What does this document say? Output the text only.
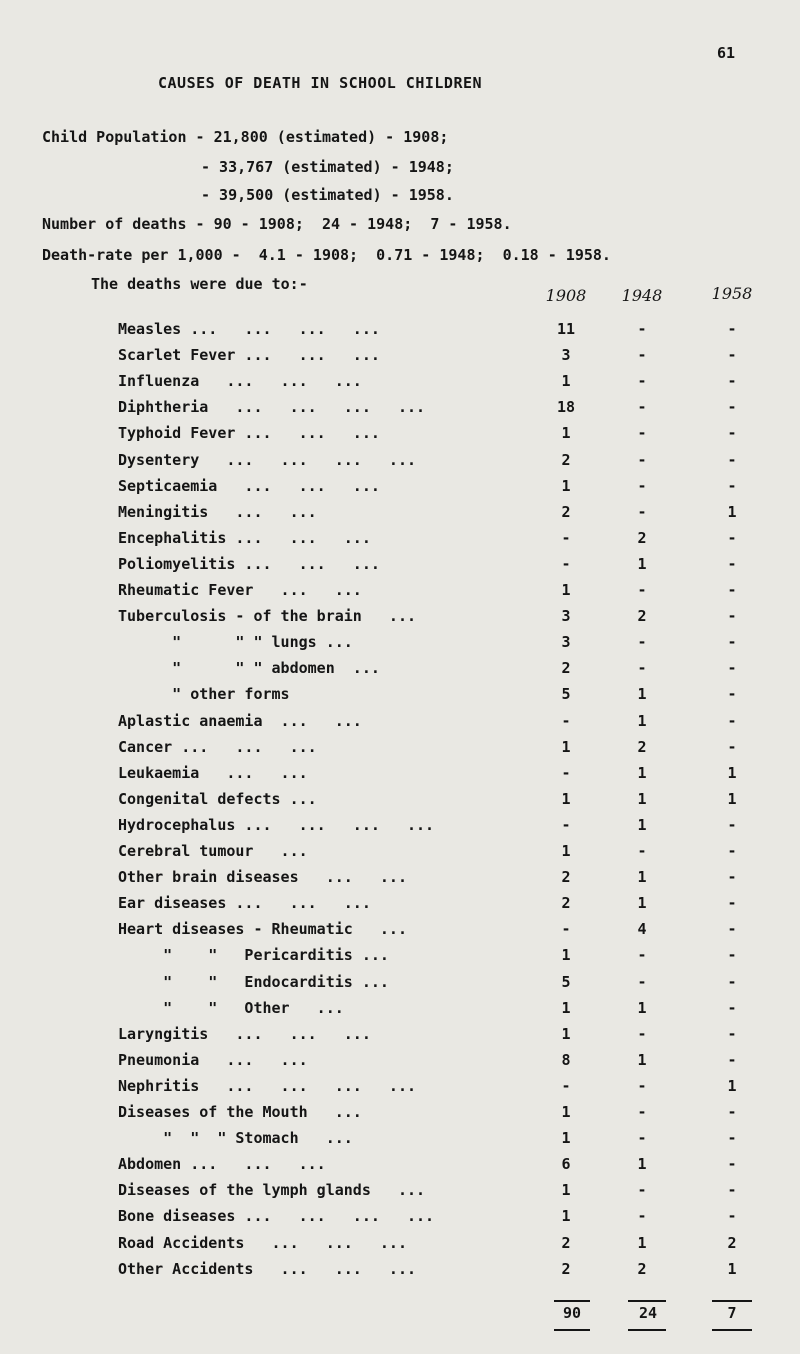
61
CAUSES OF DEATH IN SCHOOL CHILDREN
Child Population - 21,800 (estimated) - 1908;
- 33,767 (estimated) - 1948;
- 39,500 (estimated) - 1958.
Number of deaths - 90 - 1908;  24 - 1948;  7 - 1958.
Death-rate per 1,000 -  4.1 - 1908;  0.71 - 1948;  0.18 - 1958.
The deaths were due to:-
1908	1948	1958
Measles ...   ...   ...   ...	11	-	-
Scarlet Fever ...   ...   ...	3	-	-
Influenza   ...   ...   ...	1	-	-
Diphtheria   ...   ...   ...   ...	18	-	-
Typhoid Fever ...   ...   ...	1	-	-
Dysentery   ...   ...   ...   ...	2	-	-
Septicaemia   ...   ...   ...	1	-	-
Meningitis   ...   ...	2	-	1
Encephalitis ...   ...   ...	-	2	-
Poliomyelitis ...   ...   ...	-	1	-
Rheumatic Fever   ...   ...	1	-	-
Tuberculosis - of the brain   ...	3	2	-
"      " " lungs ...	3	-	-
"      " " abdomen  ...	2	-	-
" other forms	5	1	-
Aplastic anaemia  ...   ...	-	1	-
Cancer ...   ...   ...	1	2	-
Leukaemia   ...   ...	-	1	1
Congenital defects ...	1	1	1
Hydrocephalus ...   ...   ...   ...	-	1	-
Cerebral tumour   ...	1	-	-
Other brain diseases   ...   ...	2	1	-
Ear diseases ...   ...   ...	2	1	-
Heart diseases - Rheumatic   ...	-	4	-
"    "   Pericarditis ...	1	-	-
"    "   Endocarditis ...	5	-	-
"    "   Other   ...	1	1	-
Laryngitis   ...   ...   ...	1	-	-
Pneumonia   ...   ...	8	1	-
Nephritis   ...   ...   ...   ...	-	-	1
Diseases of the Mouth   ...	1	-	-
"  "  " Stomach   ...	1	-	-
Abdomen ...   ...   ...	6	1	-
Diseases of the lymph glands   ...	1	-	-
Bone diseases ...   ...   ...   ...	1	-	-
Road Accidents   ...   ...   ...	2	1	2
Other Accidents   ...   ...   ...	2	2	1
90	24	7
